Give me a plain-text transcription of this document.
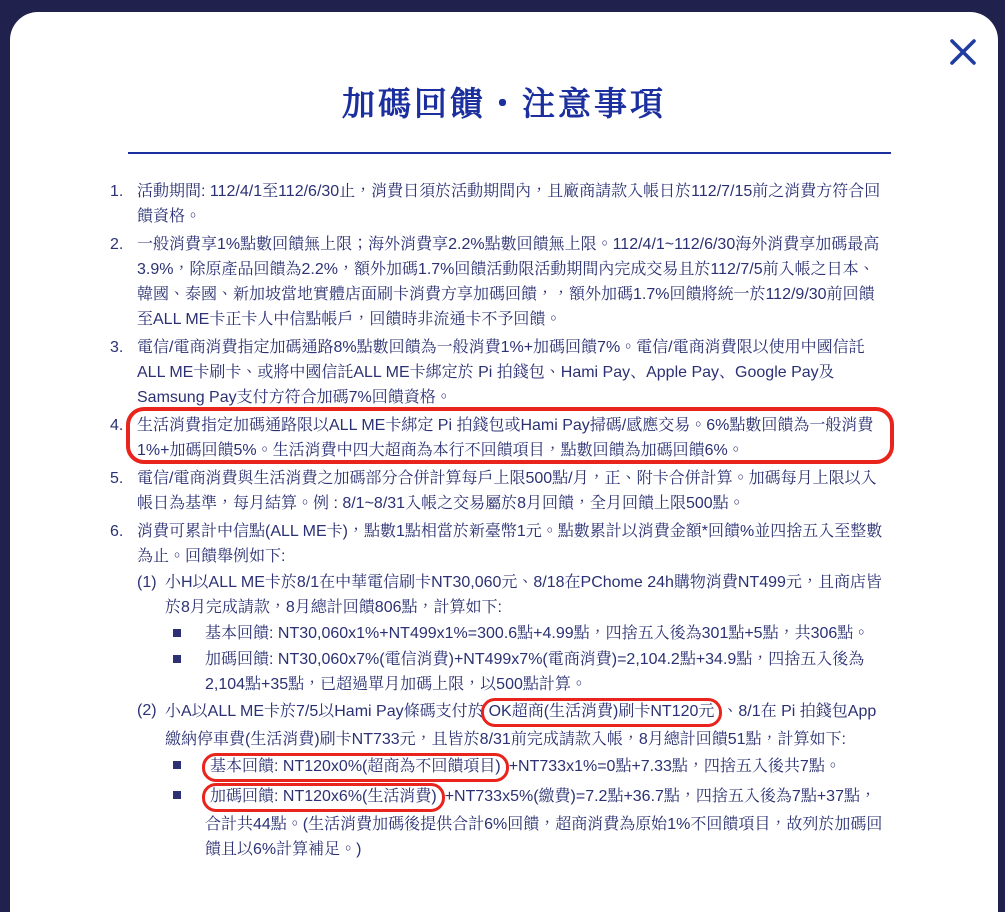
加碼回饋・注意事項
1. 活動期間: 112/4/1至112/6/30止，消費日須於活動期間內，且廠商請款入帳日於112/7/15前之消費方符合回饋資格。
2. 一般消費享1%點數回饋無上限；海外消費享2.2%點數回饋無上限。112/4/1~112/6/30海外消費享加碼最高3.9%，除原產品回饋為2.2%，額外加碼1.7%回饋活動限活動期間內完成交易且於112/7/5前入帳之日本、韓國、泰國、新加坡當地實體店面刷卡消費方享加碼回饋，，額外加碼1.7%回饋將統一於112/9/30前回饋至ALL ME卡正卡人中信點帳戶，回饋時非流通卡不予回饋。
3. 電信/電商消費指定加碼通路8%點數回饋為一般消費1%+加碼回饋7%。電信/電商消費限以使用中國信託ALL ME卡刷卡、或將中國信託ALL ME卡綁定於 Pi 拍錢包、Hami Pay、Apple Pay、Google Pay及Samsung Pay支付方符合加碼7%回饋資格。
4. 生活消費指定加碼通路限以ALL ME卡綁定 Pi 拍錢包或Hami Pay掃碼/感應交易。6%點數回饋為一般消費1%+加碼回饋5%。生活消費中四大超商為本行不回饋項目，點數回饋為加碼回饋6%。
5. 電信/電商消費與生活消費之加碼部分合併計算每戶上限500點/月，正、附卡合併計算。加碼每月上限以入帳日為基準，每月結算。例 : 8/1~8/31入帳之交易屬於8月回饋，全月回饋上限500點。
6. 消費可累計中信點(ALL ME卡)，點數1點相當於新臺幣1元。點數累計以消費金額*回饋%並四捨五入至整數為止。回饋舉例如下:
(1) 小H以ALL ME卡於8/1在中華電信刷卡NT30,060元、8/18在PChome 24h購物消費NT499元，且商店皆於8月完成請款，8月總計回饋806點，計算如下:
基本回饋: NT30,060x1%+NT499x1%=300.6點+4.99點，四捨五入後為301點+5點，共306點。
加碼回饋: NT30,060x7%(電信消費)+NT499x7%(電商消費)=2,104.2點+34.9點，四捨五入後為2,104點+35點，已超過單月加碼上限，以500點計算。
(2) 小A以ALL ME卡於7/5以Hami Pay條碼支付於 OK超商(生活消費)刷卡NT120元 、8/1在 Pi 拍錢包App繳納停車費(生活消費)刷卡NT733元，且皆於8/31前完成請款入帳，8月總計回饋51點，計算如下:
基本回饋: NT120x0%(超商為不回饋項目) +NT733x1%=0點+7.33點，四捨五入後共7點。
加碼回饋: NT120x6%(生活消費) +NT733x5%(繳費)=7.2點+36.7點，四捨五入後為7點+37點，合計共44點。(生活消費加碼後提供合計6%回饋，超商消費為原始1%不回饋項目，故列於加碼回饋且以6%計算補足。)
